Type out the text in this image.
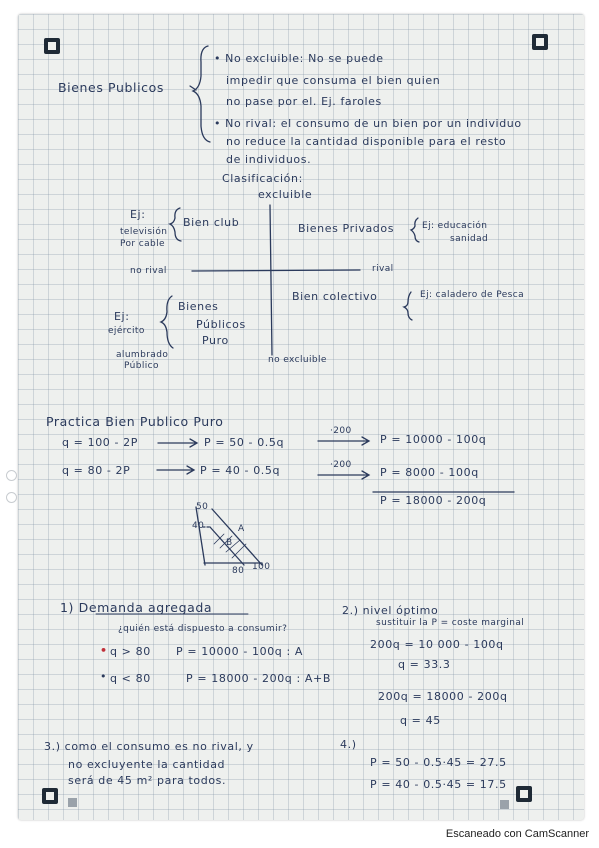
Bienes Publicos
• No excluible: No se puede
impedir que consuma el bien quien
no pase por el. Ej. faroles
• No rival: el consumo de un bien por un individuo
no reduce la cantidad disponible para el resto
de individuos.
Clasificación:
excluible
no rival	rival
no excluible
Ej:
Bien club
televisión
Por cable
Bienes Privados	Ej: educación
sanidad
Bien colectivo	Ej: caladero de Pesca
Ej:
ejército
Bienes
Públicos
Puro
alumbrado
Público
Practica Bien Publico Puro
q = 100 - 2P	P = 50 - 0.5q
·200
P = 10000 - 100q
q = 80 - 2P	P = 40 - 0.5q	·200
P = 8000 - 100q
P = 18000 - 200q
50
40	A
B
80 100
1) Demanda agregada
¿quién está dispuesto a consumir?
• q > 80 P = 10000 - 100q : A
• q < 80	P = 18000 - 200q : A+B
2.) nivel óptimo
sustituir la P = coste marginal
200q = 10 000 - 100q
q = 33.3
200q = 18000 - 200q
q = 45
3.) como el consumo es no rival, y
no excluyente la cantidad
será de 45 m² para todos.
4.)
P = 50 - 0.5·45 = 27.5
P = 40 - 0.5·45 = 17.5
Escaneado con CamScanner
